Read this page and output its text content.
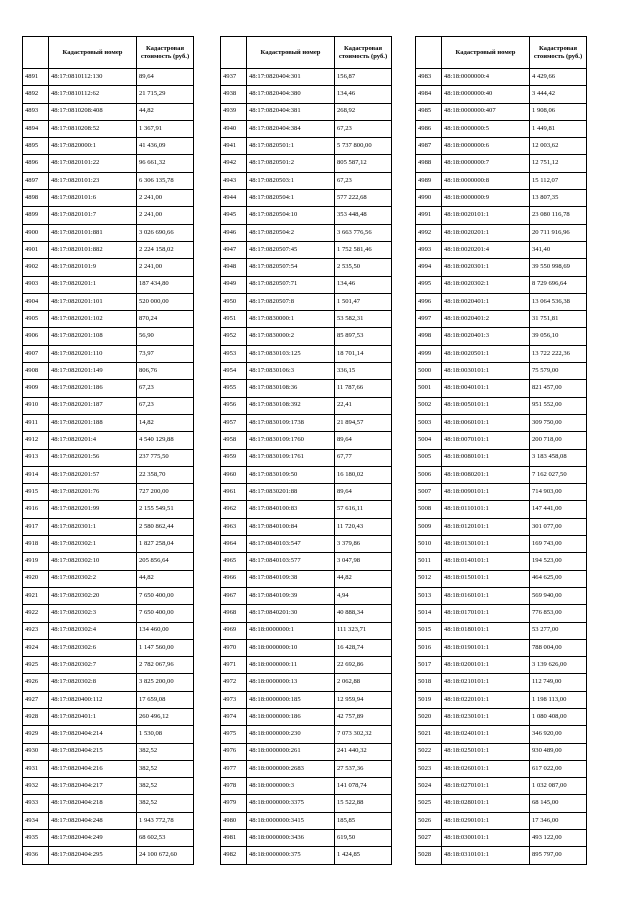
	Кадастровый номер	Кадастровая стоимость (руб.)
4891	48:17:0810112:130	89,64
4892	48:17:0810112:62	21 715,29
4893	48:17:0810208:408	44,82
4894	48:17:0810208:52	1 367,91
4895	48:17:0820000:1	41 436,09
4896	48:17:0820101:22	96 661,32
4897	48:17:0820101:23	6 306 135,78
4898	48:17:0820101:6	2 241,00
4899	48:17:0820101:7	2 241,00
4900	48:17:0820101:881	3 026 690,66
4901	48:17:0820101:882	2 224 158,02
4902	48:17:0820101:9	2 241,00
4903	48:17:0820201:1	187 434,80
4904	48:17:0820201:101	520 000,00
4905	48:17:0820201:102	870,24
4906	48:17:0820201:108	56,90
4907	48:17:0820201:110	73,97
4908	48:17:0820201:149	806,76
4909	48:17:0820201:186	67,23
4910	48:17:0820201:187	67,23
4911	48:17:0820201:188	14,82
4912	48:17:0820201:4	4 540 129,88
4913	48:17:0820201:56	237 775,50
4914	48:17:0820201:57	22 358,70
4915	48:17:0820201:76	727 200,00
4916	48:17:0820201:99	2 155 549,51
4917	48:17:0820301:1	2 580 862,44
4918	48:17:0820302:1	1 827 258,04
4919	48:17:0820302:10	205 856,64
4920	48:17:0820302:2	44,82
4921	48:17:0820302:20	7 650 400,00
4922	48:17:0820302:3	7 650 400,00
4923	48:17:0820302:4	134 460,00
4924	48:17:0820302:6	1 147 560,00
4925	48:17:0820302:7	2 782 067,96
4926	48:17:0820302:8	3 825 200,00
4927	48:17:0820400:112	17 659,08
4928	48:17:0820401:1	260 496,12
4929	48:17:0820404:214	1 530,08
4930	48:17:0820404:215	382,52
4931	48:17:0820404:216	382,52
4932	48:17:0820404:217	382,52
4933	48:17:0820404:218	382,52
4934	48:17:0820404:248	1 943 772,78
4935	48:17:0820404:249	68 602,53
4936	48:17:0820404:295	24 100 672,60
	Кадастровый номер	Кадастровая стоимость (руб.)
4937	48:17:0820404:301	156,87
4938	48:17:0820404:380	134,46
4939	48:17:0820404:381	268,92
4940	48:17:0820404:384	67,23
4941	48:17:0820501:1	5 737 800,00
4942	48:17:0820501:2	805 587,12
4943	48:17:0820503:1	67,23
4944	48:17:0820504:1	577 222,68
4945	48:17:0820504:10	353 448,48
4946	48:17:0820504:2	3 663 776,56
4947	48:17:0820507:45	1 752 581,46
4948	48:17:0820507:54	2 535,50
4949	48:17:0820507:71	134,46
4950	48:17:0820507:8	1 501,47
4951	48:17:0830000:1	53 582,31
4952	48:17:0830000:2	85 897,53
4953	48:17:0830103:125	18 701,14
4954	48:17:0830106:3	336,15
4955	48:17:0830108:36	11 787,66
4956	48:17:0830108:392	22,41
4957	48:17:0830109:1738	21 894,57
4958	48:17:0830109:1760	89,64
4959	48:17:0830109:1761	67,77
4960	48:17:0830109:50	16 180,02
4961	48:17:0830201:88	89,64
4962	48:17:0840100:83	57 616,11
4963	48:17:0840100:84	11 720,43
4964	48:17:0840103:547	3 379,86
4965	48:17:0840103:577	3 047,98
4966	48:17:0840109:38	44,82
4967	48:17:0840109:39	4,94
4968	48:17:0840201:30	40 888,34
4969	48:18:0000000:1	111 323,71
4970	48:18:0000000:10	16 428,74
4971	48:18:0000000:11	22 692,86
4972	48:18:0000000:13	2 062,88
4973	48:18:0000000:185	12 959,94
4974	48:18:0000000:186	42 757,89
4975	48:18:0000000:230	7 073 302,32
4976	48:18:0000000:261	241 440,32
4977	48:18:0000000:2683	27 537,36
4978	48:18:0000000:3	141 078,74
4979	48:18:0000000:3375	15 522,88
4980	48:18:0000000:3415	185,85
4981	48:18:0000000:3436	619,50
4982	48:18:0000000:375	1 424,85
	Кадастровый номер	Кадастровая стоимость (руб.)
4983	48:18:0000000:4	4 429,66
4984	48:18:0000000:40	3 444,42
4985	48:18:0000000:407	1 908,06
4986	48:18:0000000:5	1 449,81
4987	48:18:0000000:6	12 003,62
4988	48:18:0000000:7	12 751,12
4989	48:18:0000000:8	15 112,07
4990	48:18:0000000:9	13 807,35
4991	48:18:0020101:1	23 080 116,78
4992	48:18:0020201:1	20 711 916,96
4993	48:18:0020201:4	341,40
4994	48:18:0020301:1	39 550 998,69
4995	48:18:0020302:1	8 729 696,64
4996	48:18:0020401:1	13 064 536,38
4997	48:18:0020401:2	31 751,81
4998	48:18:0020401:3	39 056,10
4999	48:18:0020501:1	13 722 222,36
5000	48:18:0030101:1	75 579,00
5001	48:18:0040101:1	821 457,00
5002	48:18:0050101:1	951 552,00
5003	48:18:0060101:1	309 750,00
5004	48:18:0070101:1	200 718,00
5005	48:18:0080101:1	3 183 458,08
5006	48:18:0080201:1	7 162 027,50
5007	48:18:0090101:1	714 903,00
5008	48:18:0110101:1	147 441,00
5009	48:18:0120101:1	301 077,00
5010	48:18:0130101:1	169 743,00
5011	48:18:0140101:1	194 523,00
5012	48:18:0150101:1	464 625,00
5013	48:18:0160101:1	569 940,00
5014	48:18:0170101:1	776 853,00
5015	48:18:0180101:1	53 277,00
5016	48:18:0190101:1	788 004,00
5017	48:18:0200101:1	3 139 626,00
5018	48:18:0210101:1	112 749,00
5019	48:18:0220101:1	1 198 113,00
5020	48:18:0230101:1	1 080 408,00
5021	48:18:0240101:1	346 920,00
5022	48:18:0250101:1	930 489,00
5023	48:18:0260101:1	617 022,00
5024	48:18:0270101:1	1 032 087,00
5025	48:18:0280101:1	68 145,00
5026	48:18:0290101:1	17 346,00
5027	48:18:0300101:1	493 122,00
5028	48:18:0310101:1	895 797,00
